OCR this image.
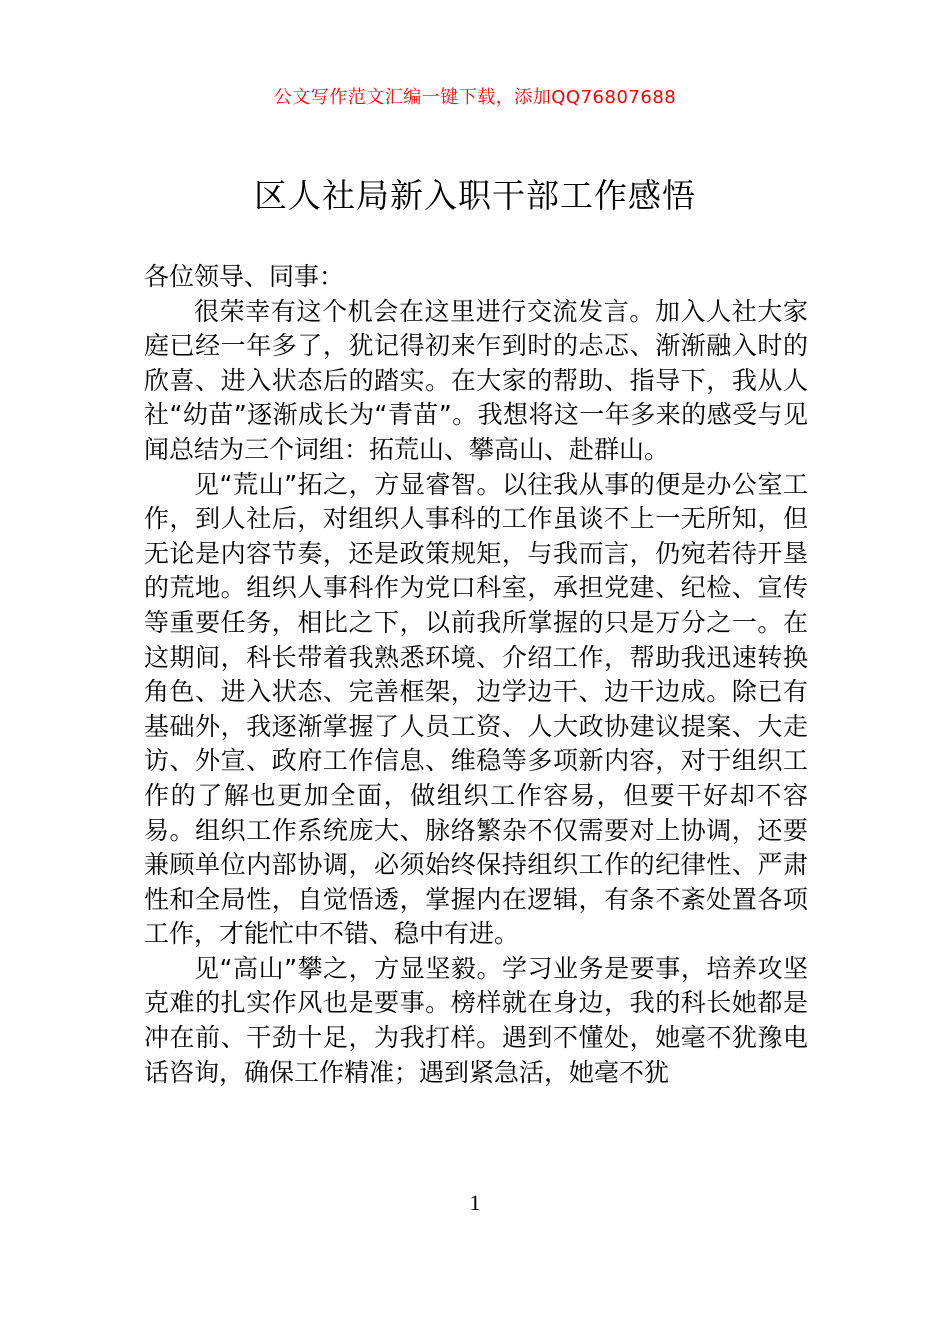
公文写作范文汇编一键下载，添加QQ76807688
区人社局新入职干部工作感悟

各位领导、同事：

很荣幸有这个机会在这里进行交流发言。加入人社大家庭已经一年多了，犹记得初来乍到时的忐忑、渐渐融入时的欣喜、进入状态后的踏实。在大家的帮助、指导下，我从人社“幼苗”逐渐成长为“青苗”。我想将这一年多来的感受与见闻总结为三个词组：拓荒山、攀高山、赴群山。

见“荒山”拓之，方显睿智。以往我从事的便是办公室工作，到人社后，对组织人事科的工作虽谈不上一无所知，但无论是内容节奏，还是政策规矩，与我而言，仍宛若待开垦的荒地。组织人事科作为党口科室，承担党建、纪检、宣传等重要任务，相比之下，以前我所掌握的只是万分之一。在这期间，科长带着我熟悉环境、介绍工作，帮助我迅速转换角色、进入状态、完善框架，边学边干、边干边成。除已有基础外，我逐渐掌握了人员工资、人大政协建议提案、大走访、外宣、政府工作信息、维稳等多项新内容，对于组织工作的了解也更加全面，做组织工作容易，但要干好却不容易。组织工作系统庞大、脉络繁杂不仅需要对上协调，还要兼顾单位内部协调，必须始终保持组织工作的纪律性、严肃性和全局性，自觉悟透，掌握内在逻辑，有条不紊处置各项工作，才能忙中不错、稳中有进。

见“高山”攀之，方显坚毅。学习业务是要事，培养攻坚克难的扎实作风也是要事。榜样就在身边，我的科长她都是冲在前、干劲十足，为我打样。遇到不懂处，她毫不犹豫电话咨询，确保工作精准；遇到紧急活，她毫不犹

1
